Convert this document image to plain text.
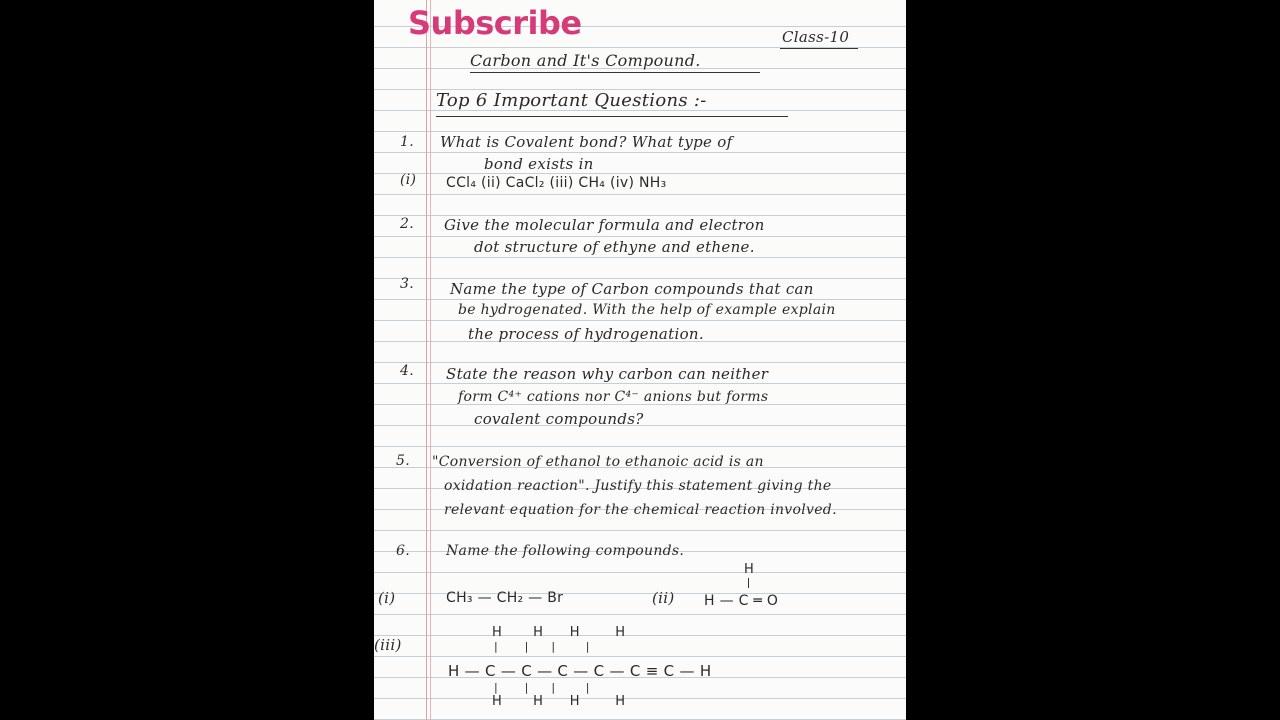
Subscribe	Class-10
Carbon and It's Compound.
Top 6 Important Questions :-
1. What is Covalent bond? What type of
bond exists in
(i) CCl₄ (ii) CaCl₂ (iii) CH₄ (iv) NH₃
2. Give the molecular formula and electron
dot structure of ethyne and ethene.
3. Name the type of Carbon compounds that can
be hydrogenated. With the help of example explain
the process of hydrogenation.
4. State the reason why carbon can neither
form C⁴⁺ cations nor C⁴⁻ anions but forms
covalent compounds?
5. "Conversion of ethanol to ethanoic acid is an
oxidation reaction". Justify this statement giving the
relevant equation for the chemical reaction involved.
6.	Name the following compounds.
(i)	CH₃ — CH₂ — Br	(ii)
H
H — C ═ O
(iii)
H       H      H        H
|       |      |        |
H — C — C — C — C — C ≡ C — H
|       |      |        |
H       H      H        H
